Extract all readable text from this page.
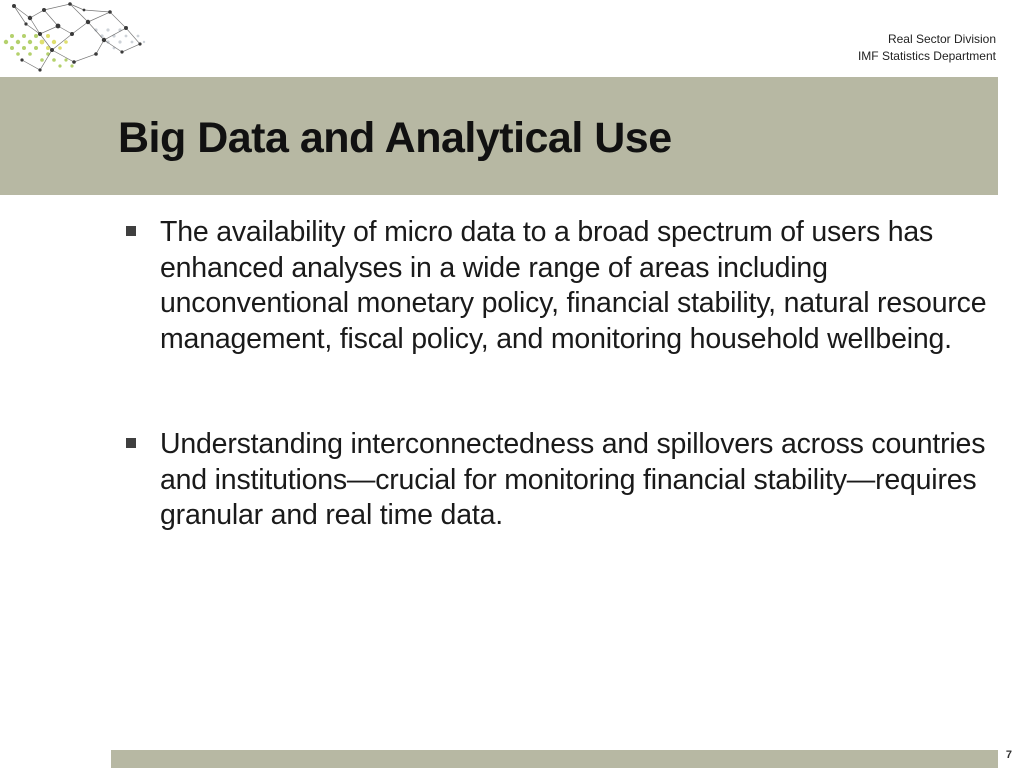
Real Sector Division
IMF Statistics Department
Big Data and Analytical Use
The availability of micro data to a broad spectrum of users has enhanced analyses in a wide range of areas including unconventional monetary policy, financial stability, natural resource management, fiscal policy, and monitoring household wellbeing.
Understanding interconnectedness and spillovers across countries and institutions—crucial for monitoring financial stability—requires granular and real time data.
7
